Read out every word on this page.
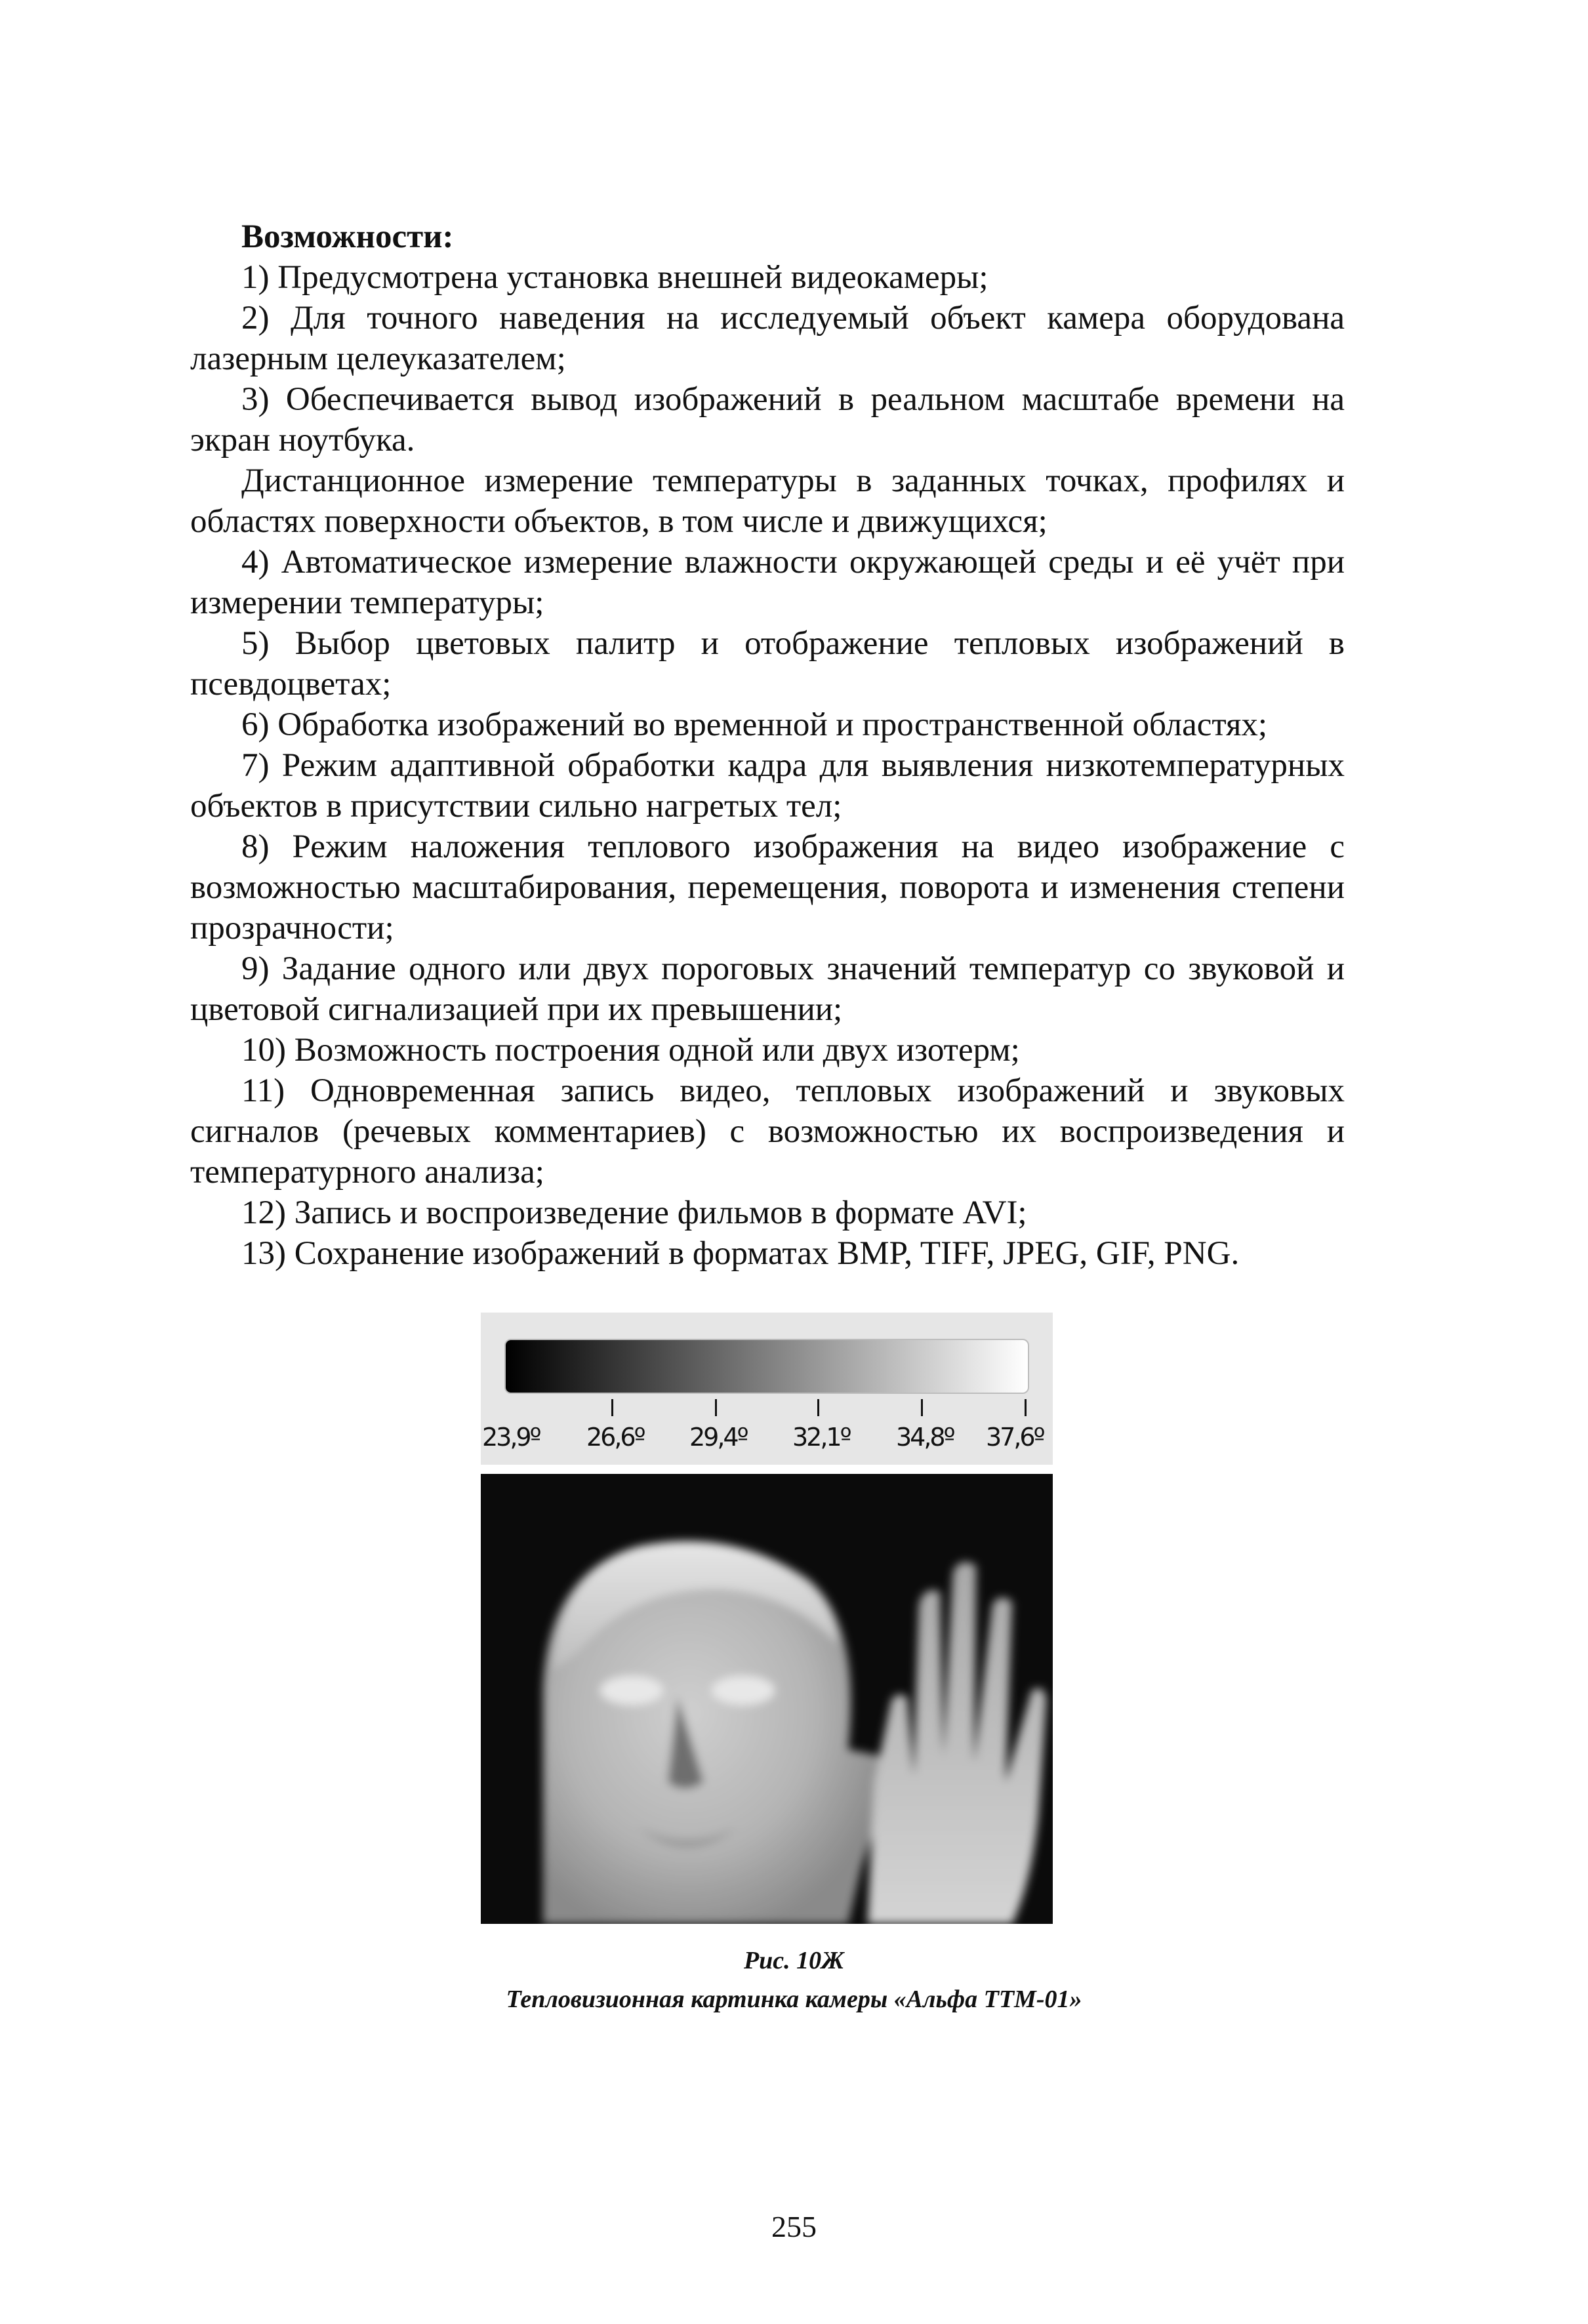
Возможности:

1) Предусмотрена установка внешней видеокамеры;

2) Для точного наведения на исследуемый объект камера оборудована лазерным целеуказателем;

3) Обеспечивается вывод изображений в реальном масштабе времени на экран ноутбука.

Дистанционное измерение температуры в заданных точках, профилях и областях поверхности объектов, в том числе и движущихся;

4) Автоматическое измерение влажности окружающей среды и её учёт при измерении температуры;

5) Выбор цветовых палитр и отображение тепловых изображений в псевдоцветах;

6) Обработка изображений во временной и пространственной областях;

7) Режим адаптивной обработки кадра для выявления низкотемпературных объектов в присутствии сильно нагретых тел;

8) Режим наложения теплового изображения на видео изображение с возможностью масштабирования, перемещения, поворота и изменения степени прозрачности;

9) Задание одного или двух пороговых значений температур со звуковой и цветовой сигнализацией при их превышении;

10) Возможность построения одной или двух изотерм;

11) Одновременная запись видео, тепловых изображений и звуковых сигналов (речевых комментариев) с возможностью их воспроизведения и температурного анализа;

12) Запись и воспроизведение фильмов в формате AVI;

13) Сохранение изображений в форматах BMP, TIFF, JPEG, GIF, PNG.

23,9º 26,6º 29,4º 32,1º 34,8º 37,6º
Рис. 10Ж
Тепловизионная картинка камеры «Альфа ТТМ-01»
255
